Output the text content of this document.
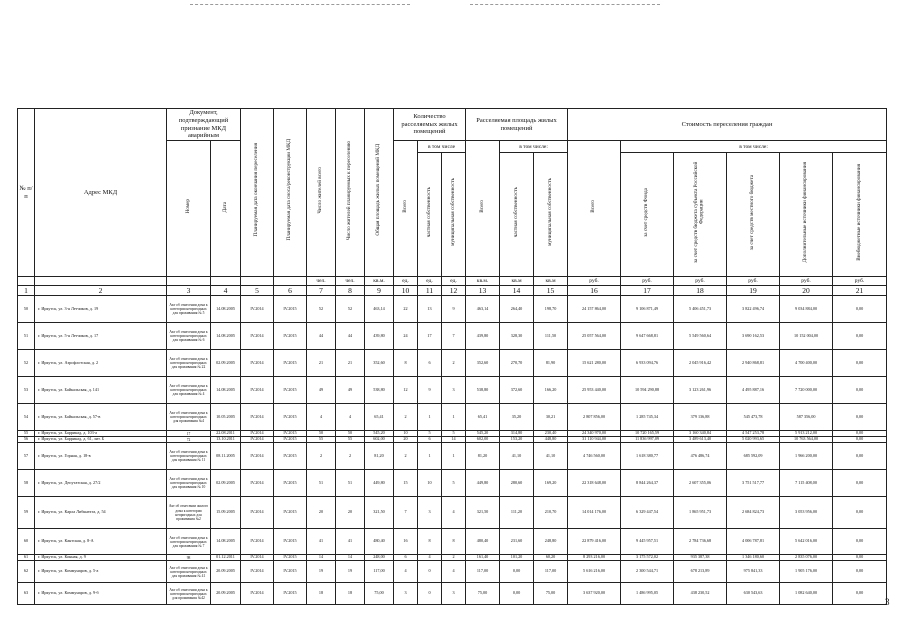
№ п/п	Адрес МКД	Документ, подтверждающий признание МКД аварийным		Планируемая дата окончания переселения	Планируемая дата сноса/реконструкции МКД	Число жителей всего	Число жителей планируемых к переселению	Общая площадь жилых помещений МКД	Количество расселяемых жилых помещений			Расселяемая площадь жилых помещений			Стоимость переселения граждан					
		Номер	Дата						Всего	в том числе		Всего	в том числе:		Всего	в том числе:				
										частная собственность	муниципальная собственность		частная собственность	муниципальная собственность		за счет средств Фонда	за счет средств бюджета субъекта Российской Федерации	за счет средств местного бюджета	Дополнительные источники финансирования	Внебюджетные источники финансирования
						чел.	чел.	кв.м.	ед.	ед.	ед.	кв.м.	кв.м	кв.м	руб.	руб.	руб.	руб.	руб.	руб.
1	2	3	4	5	6	7	8	9	10	11	12	13	14	15	16	17	18	19	20	21
50	г. Иркутск, ул. 3-я Летчиков, д. 19	Акт об отнесении дома к категории непригодных для проживания № 5	14.08.2005	IV.2014	IV.2015	52	52	463,14	22	13	9	463,14	264,40	198,70	24 157 864,00	9 106 871,49	5 406 451,73	3 822 496,74	9 034 884,00	0,00
51	г. Иркутск, ул. 5-я Летчиков, д. 17	Акт об отнесении дома к категории непригодных для проживания № 6	14.08.2005	IV.2014	IV.2015	44	44	439,80	24	17	7	439,80	328,30	111,50	25 057 564,00	9 647 668,81	5 549 560,64	3 690 162,53	10 152 004,00	0,00
52	г. Иркутск, ул. Аэрофлотская, д. 2	Акт об отнесении дома к категории непригодных для проживания № 22	02.09.2005	IV.2014	IV.2015	21	21	352,60	8	6	2	352,60	270,70	81,90	15 621 280,00	6 933 094,76	2 045 916,42	2 940 868,81	4 700 400,00	0,00
53	г. Иркутск, ул. Байкальская, д. 141	Акт об отнесении дома к категории непригодных для проживания № 4	14.08.2005	IV.2014	IV.2015	49	49	538,80	12	9	3	538,80	372,60	166,20	25 953 440,00	10 594 290,88	3 123 261,96	4 495 887,16	7 720 000,00	0,00
54	г. Иркутск, ул. Байкальская, д. 57-в	Акт об отнесении дома к категории непригодных для проживания №4	10.05.2005	IV.2014	IV.2015	4	4	65,41	2	1	1	65,41	35,20	30,21	2 807 856,00	1 285 745,34	379 136,88	545 473,78	587 356,00	0,00
55	г. Иркутск, ул. Баррикад, д. 103-а	17	22.08.2011	IV.2014	IV.2015	50	50	545,20	10	5	5	545,20	314,80	230,40	24 340 970,00	10 720 165,59	3 160 340,84	4 547 253,78	5 913 212,00	0,00
56	г. Иркутск, ул. Баррикад, д. 61, лит. Б	72	13.10.2011	IV.2014	IV.2015	55	55	602,00	20	6	14	602,00	153,20	448,80	31 110 944,00	11 836 997,09	3 489 613,40	5 020 993,65	10 763 564,00	0,00
57	г. Иркутск, ул. Горная, д. 18-в	Акт об отнесении дома к категории непригодных для проживания № 11	08.11.2005	IV.2014	IV.2015	2	2	81,20	2	1	1	81,20	41,10	41,10	4 746 560,00	1 618 380,77	476 486,74	685 592,09	1 966 200,00	0,00
58	г. Иркутск, ул. Депутатская, д. 27/2	Акт об отнесении дома к категории непригодных для проживания № 10	02.09.2005	IV.2014	IV.2015	51	51	449,80	15	10	5	449,80	280,60	169,20	22 318 648,00	8 844 264,37	2 607 355,06	3 751 517,77	7 115 408,00	0,00
59	г. Иркутск, ул. Карла Либкнехта, д. 54	Акт об отнесении жилого дома к категории непригодных для проживания №2	15.09.2005	IV.2014	IV.2015	20	20	321,50	7	3	4	321,50	111,20	210,70	14 014 176,00	6 329 447,54	1 865 951,73	2 684 824,73	3 053 956,00	0,00
60	г. Иркутск, ул. Кантская, д. 8-А	Акт об отнесении дома к категории непригодных для проживания № 7	14.08.2005	IV.2014	IV.2015	41	41	480,40	16	8	8	480,40	231,60	248,80	22 879 416,00	9 445 957,51	2 784 736,68	4 006 787,81	5 642 016,00	0,00
61	г. Иркутск, ул. Конная, д. 9	98	01.12.2011	IV.2014	IV.2015	14	14	248,00	6	4	2	161,40	101,20	60,20	8 293 216,00	3 175 572,02	935 387,38	1 346 180,60	2 835 076,00	0,00
62	г. Иркутск, ул. Коммунаров, д. 5-а	Акт об отнесении дома к категории непригодных для проживания № 41	20.09.2005	IV.2014	IV.2015	19	19	117,00	4	0	4	117,00	0,00	117,00	5 616 216,00	2 300 544,71	678 213,89	975 841,33	1 905 176,00	0,00
63	г. Иркутск, ул. Коммунаров, д. 9-б	Акт об отнесении дома к категории непригодных для проживания №42	20.09.2005	IV.2014	IV.2015	18	18	75,00	3	0	3	75,00	0,00	75,00	3 637 920,00	1 486 995,05	438 230,52	630 543,63	1 082 640,00	0,00
3
